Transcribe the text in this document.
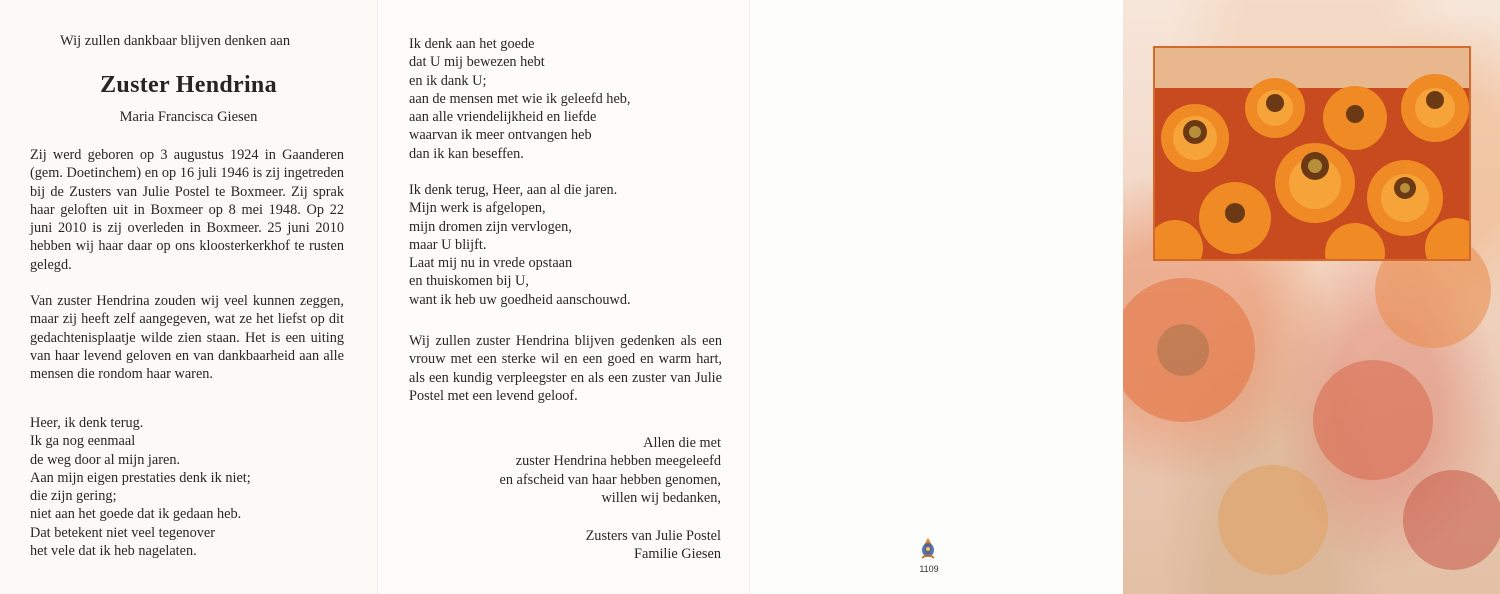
Wij zullen dankbaar blijven denken aan
Zuster Hendrina
Maria Francisca Giesen

Zij werd geboren op 3 augustus 1924 in Gaanderen (gem. Doetinchem) en op 16 juli 1946 is zij ingetreden bij de Zusters van Julie Postel te Boxmeer. Zij sprak haar geloften uit in Boxmeer op 8 mei 1948. Op 22 juni 2010 is zij overleden in Boxmeer. 25 juni 2010 hebben wij haar daar op ons kloosterkerkhof te rusten gelegd.

Van zuster Hendrina zouden wij veel kunnen zeggen, maar zij heeft zelf aangegeven, wat ze het liefst op dit gedachtenisplaatje wilde zien staan. Het is een uiting van haar levend geloven en van dankbaarheid aan alle mensen die rondom haar waren.

Heer, ik denk terug.
Ik ga nog eenmaal
de weg door al mijn jaren.
Aan mijn eigen prestaties denk ik niet;
die zijn gering;
niet aan het goede dat ik gedaan heb.
Dat betekent niet veel tegenover
het vele dat ik heb nagelaten.
Ik denk aan het goede
dat U mij bewezen hebt
en ik dank U;
aan de mensen met wie ik geleefd heb,
aan alle vriendelijkheid en liefde
waarvan ik meer ontvangen heb
dan ik kan beseffen.
Ik denk terug, Heer, aan al die jaren.
Mijn werk is afgelopen,
mijn dromen zijn vervlogen,
maar U blijft.
Laat mij nu in vrede opstaan
en thuiskomen bij U,
want ik heb uw goedheid aanschouwd.

Wij zullen zuster Hendrina blijven gedenken als een vrouw met een sterke wil en een goed en warm hart, als een kundig verpleegster en als een zuster van Julie Postel met een levend geloof.

Allen die met
zuster Hendrina hebben meegeleefd
en afscheid van haar hebben genomen,
willen wij bedanken,
Zusters van Julie Postel
Familie Giesen
1109
